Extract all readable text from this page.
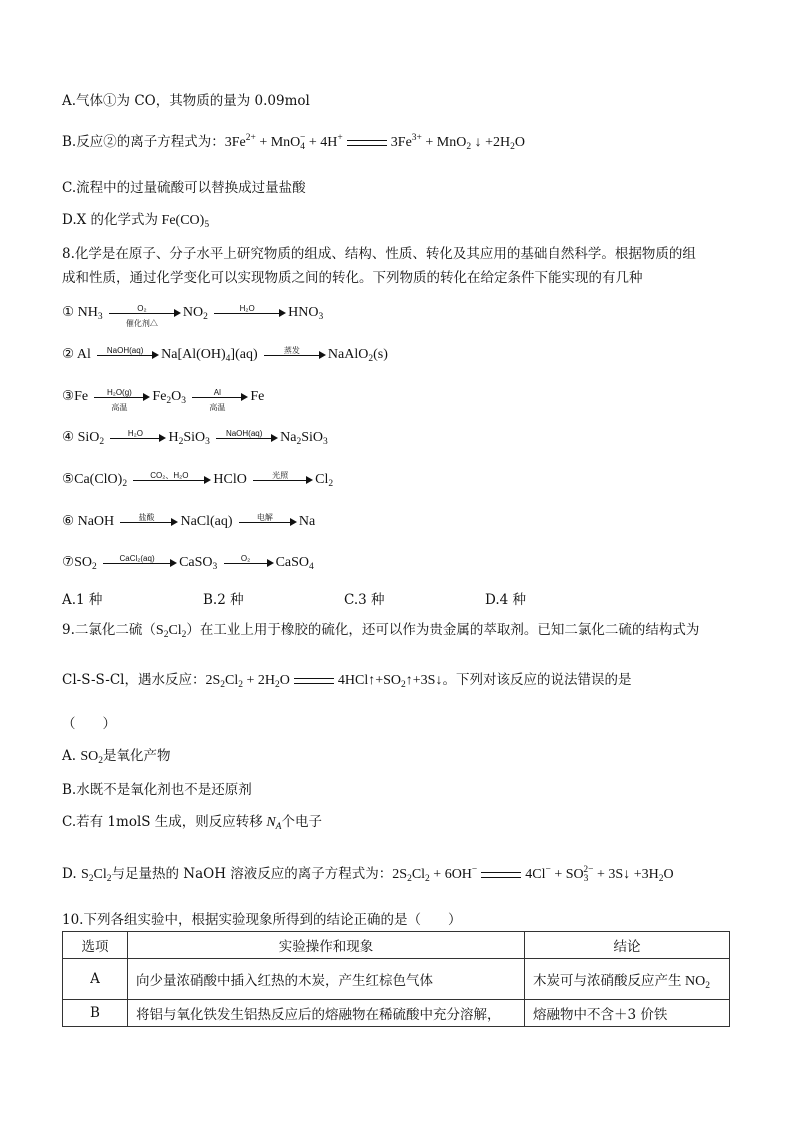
A.气体①为 CO，其物质的量为 0.09mol
B.反应②的离子方程式为：$3Fe^{2+} + MnO_4^- + 4H^+$	$3Fe^{3+} + MnO_2$ ↓ $+2H_2O$
C.流程中的过量硫酸可以替换成过量盐酸
D.X 的化学式为 $Fe(CO)_5$
8.化学是在原子、分子水平上研究物质的组成、结构、性质、转化及其应用的基础自然科学。根据物质的组
成和性质，通过化学变化可以实现物质之间的转化。下列物质的转化在给定条件下能实现的有几种
① $NH_3$
O₂
催化剂△
$NO_2$
H₂O	$HNO_3$
② Al	NaOH(aq)	$Na[Al(OH)_4](aq)$	蒸发	NaAlO$_2$(s)
③Fe	H₂O(g)
高温
$Fe_2O_3$
Al
高温
Fe
④ SiO$_2$
H₂O	$H_2SiO_3$
NaOH(aq)	$Na_2SiO_3$
$⑤Ca(ClO)_2$
CO₂、H₂O	HClO	光照	$Cl_2$
⑥ NaOH	盐酸	NaCl(aq)	电解	Na
$⑦SO_2$
CaCl₂(aq)	CaSO$_3$
O₂	CaSO$_4$
A.1 种	B.2 种	C.3 种	D.4 种
9.二氯化二硫$(S_2Cl_2)$在工业上用于橡胶的硫化，还可以作为贵金属的萃取剂。已知二氯化二硫的结构式为
Cl-S-S-Cl，遇水反应：$2S_2Cl_2 + 2H_2O$	$4HCl↑+SO_2↑+3S↓$。下列对该反应的说法错误的是
（　　）
A. $SO_2$是氧化产物
B.水既不是氧化剂也不是还原剂
C.若有 1molS 生成，则反应转移 $N_A$个电子
D. $S_2Cl_2$与足量热的 NaOH 溶液反应的离子方程式为：$2S_2Cl_2 + 6OH^-$	$4Cl^- + SO_3^{2-}$ + 3S↓ $+3H_2O$
10.下列各组实验中，根据实验现象所得到的结论正确的是（　　）
选项	实验操作和现象	结论
A	向少量浓硝酸中插入红热的木炭，产生红棕色气体	木炭可与浓硝酸反应产生 $NO_2$
B	将铝与氧化铁发生铝热反应后的熔融物在稀硫酸中充分溶解，	熔融物中不含＋3 价铁
